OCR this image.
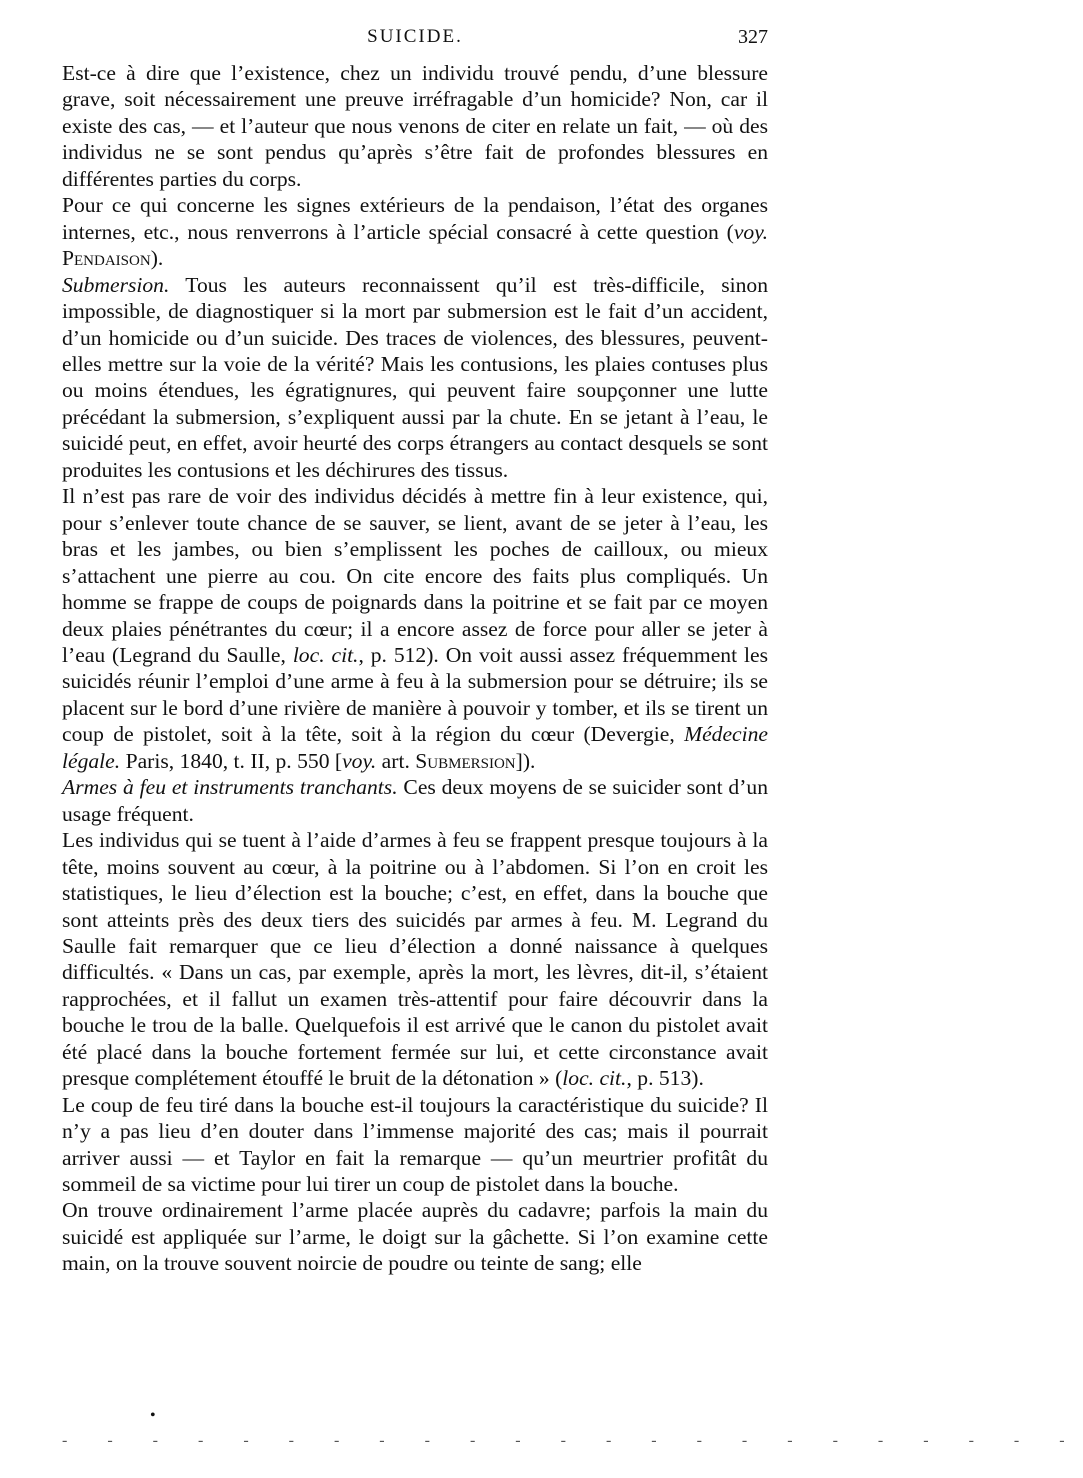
SUICIDE.	327

Est-ce à dire que l’existence, chez un individu trouvé pendu, d’une blessure grave, soit nécessairement une preuve irréfragable d’un homicide? Non, car il existe des cas, — et l’auteur que nous venons de citer en relate un fait, — où des individus ne se sont pendus qu’après s’être fait de profondes blessures en différentes parties du corps.

Pour ce qui concerne les signes extérieurs de la pendaison, l’état des organes internes, etc., nous renverrons à l’article spécial consacré à cette question (voy. Pendaison).

Submersion. Tous les auteurs reconnaissent qu’il est très-difficile, sinon impossible, de diagnostiquer si la mort par submersion est le fait d’un accident, d’un homicide ou d’un suicide. Des traces de violences, des blessures, peuvent-elles mettre sur la voie de la vérité? Mais les contusions, les plaies contuses plus ou moins étendues, les égratignures, qui peuvent faire soupçonner une lutte précédant la submersion, s’expliquent aussi par la chute. En se jetant à l’eau, le suicidé peut, en effet, avoir heurté des corps étrangers au contact desquels se sont produites les contusions et les déchirures des tissus.

Il n’est pas rare de voir des individus décidés à mettre fin à leur existence, qui, pour s’enlever toute chance de se sauver, se lient, avant de se jeter à l’eau, les bras et les jambes, ou bien s’emplissent les poches de cailloux, ou mieux s’attachent une pierre au cou. On cite encore des faits plus compliqués. Un homme se frappe de coups de poignards dans la poitrine et se fait par ce moyen deux plaies pénétrantes du cœur; il a encore assez de force pour aller se jeter à l’eau (Legrand du Saulle, loc. cit., p. 512). On voit aussi assez fréquemment les suicidés réunir l’emploi d’une arme à feu à la submersion pour se détruire; ils se placent sur le bord d’une rivière de manière à pouvoir y tomber, et ils se tirent un coup de pistolet, soit à la tête, soit à la région du cœur (Devergie, Médecine légale. Paris, 1840, t. II, p. 550 [voy. art. Submersion]).

Armes à feu et instruments tranchants. Ces deux moyens de se suicider sont d’un usage fréquent.

Les individus qui se tuent à l’aide d’armes à feu se frappent presque toujours à la tête, moins souvent au cœur, à la poitrine ou à l’abdomen. Si l’on en croit les statistiques, le lieu d’élection est la bouche; c’est, en effet, dans la bouche que sont atteints près des deux tiers des suicidés par armes à feu. M. Legrand du Saulle fait remarquer que ce lieu d’élection a donné naissance à quelques difficultés. « Dans un cas, par exemple, après la mort, les lèvres, dit-il, s’étaient rapprochées, et il fallut un examen très-attentif pour faire découvrir dans la bouche le trou de la balle. Quelquefois il est arrivé que le canon du pistolet avait été placé dans la bouche fortement fermée sur lui, et cette circonstance avait presque complétement étouffé le bruit de la détonation » (loc. cit., p. 513).

Le coup de feu tiré dans la bouche est-il toujours la caractéristique du suicide? Il n’y a pas lieu d’en douter dans l’immense majorité des cas; mais il pourrait arriver aussi — et Taylor en fait la remarque — qu’un meurtrier profitât du sommeil de sa victime pour lui tirer un coup de pistolet dans la bouche.

On trouve ordinairement l’arme placée auprès du cadavre; parfois la main du suicidé est appliquée sur l’arme, le doigt sur la gâchette. Si l’on examine cette main, on la trouve souvent noircie de poudre ou teinte de sang; elle

•
- - - - - - - - - - - - - - - - - - - - - - -
